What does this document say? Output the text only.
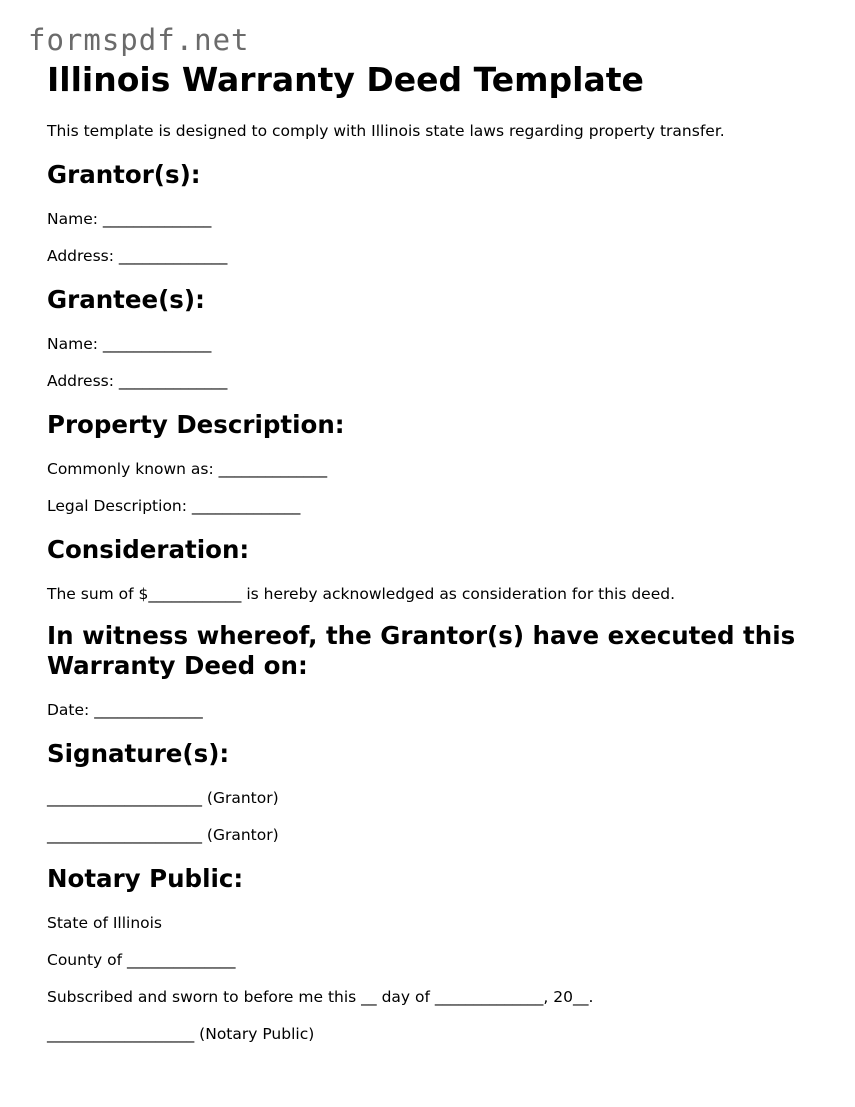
formspdf.net
Illinois Warranty Deed Template

This template is designed to comply with Illinois state laws regarding property transfer.

Grantor(s):

Name: ______________

Address: ______________

Grantee(s):

Name: ______________

Address: ______________

Property Description:

Commonly known as: ______________

Legal Description: ______________

Consideration:

The sum of $____________ is hereby acknowledged as consideration for this deed.

In witness whereof, the Grantor(s) have executed this Warranty Deed on:

Date: ______________

Signature(s):

____________________ (Grantor)

____________________ (Grantor)

Notary Public:

State of Illinois

County of ______________

Subscribed and sworn to before me this __ day of ______________, 20__.

___________________ (Notary Public)
